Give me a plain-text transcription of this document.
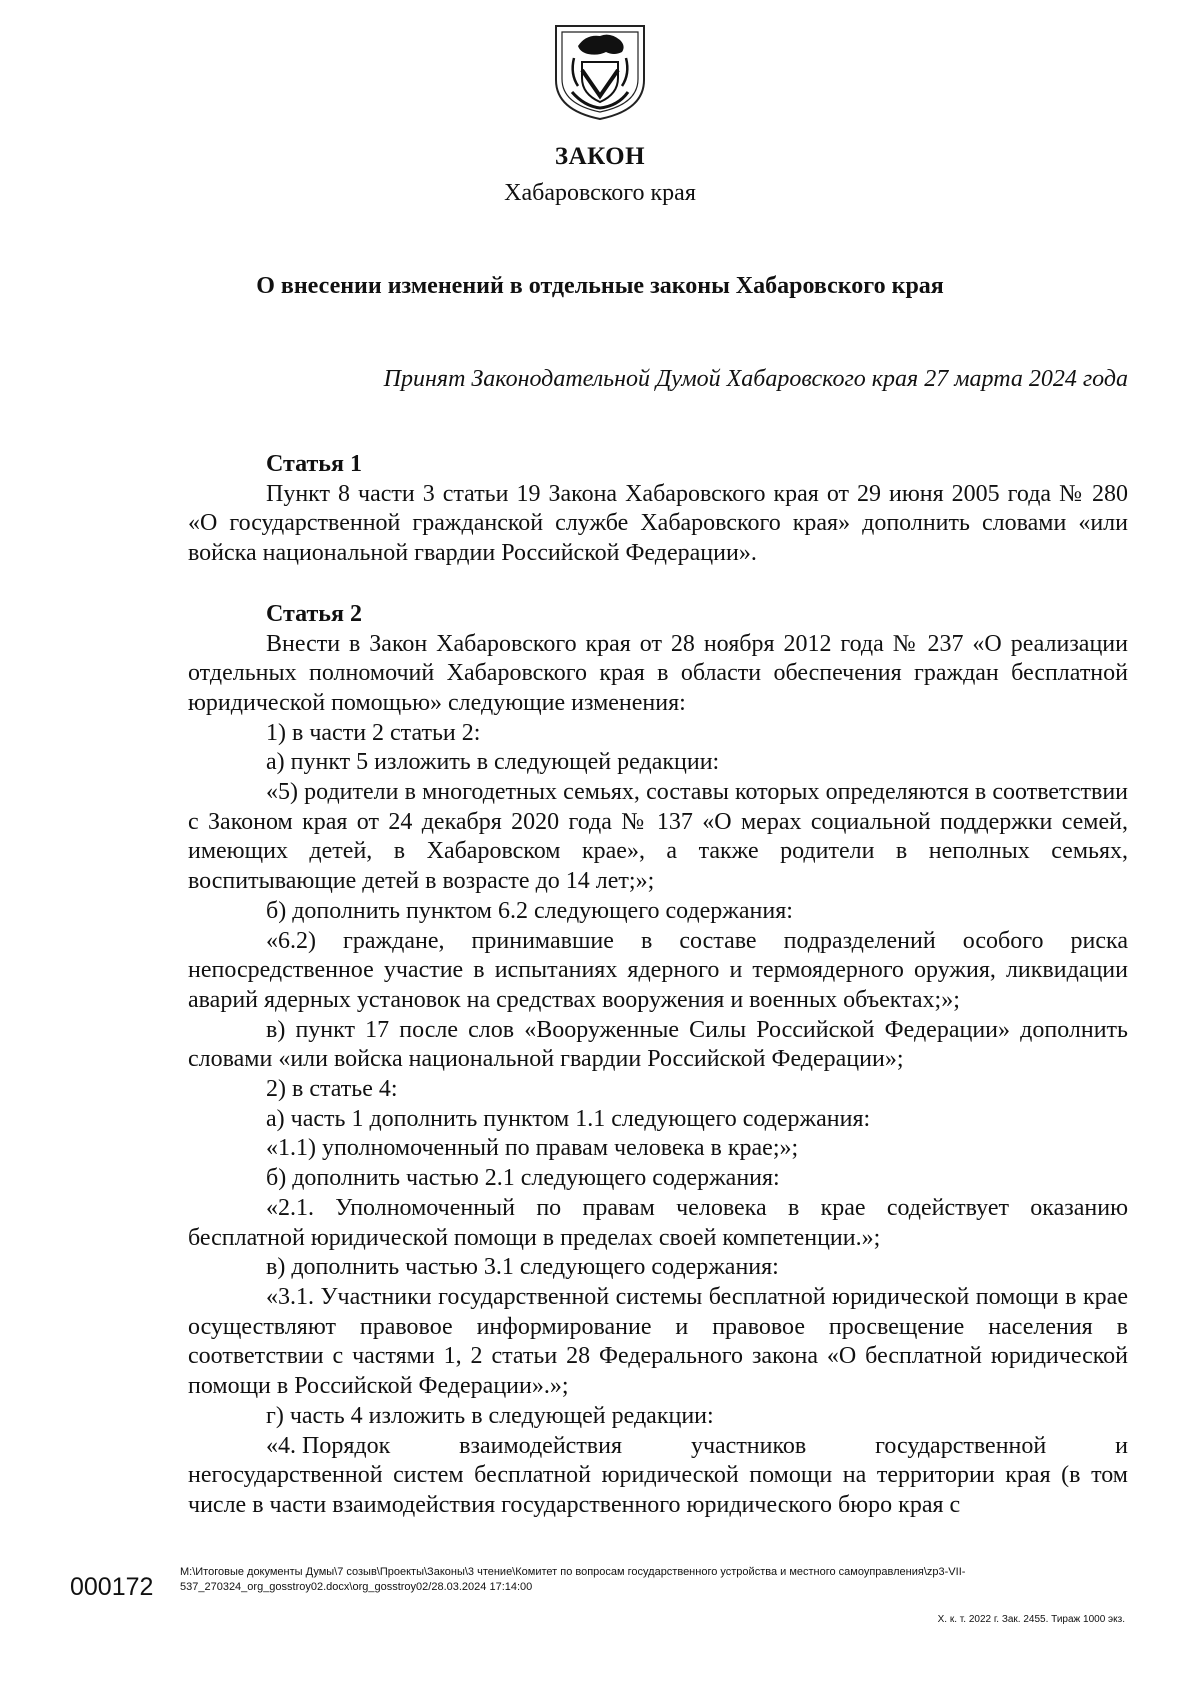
ЗАКОН
Хабаровского края
О внесении изменений в отдельные законы Хабаровского края
Принят Законодательной Думой Хабаровского края 27 марта 2024 года
Статья 1

Пункт 8 части 3 статьи 19 Закона Хабаровского края от 29 июня 2005 года № 280 «О государственной гражданской службе Хабаровского края» дополнить словами «или войска национальной гвардии Российской Федерации».

Статья 2

Внести в Закон Хабаровского края от 28 ноября 2012 года № 237 «О реализации отдельных полномочий Хабаровского края в области обеспечения граждан бесплатной юридической помощью» следующие изменения:

1) в части 2 статьи 2:

а) пункт 5 изложить в следующей редакции:

«5) родители в многодетных семьях, составы которых определяются в соответствии с Законом края от 24 декабря 2020 года № 137 «О мерах социальной поддержки семей, имеющих детей, в Хабаровском крае», а также родители в неполных семьях, воспитывающие детей в возрасте до 14 лет;»;

б) дополнить пунктом 6.2 следующего содержания:

«6.2) граждане, принимавшие в составе подразделений особого риска непосредственное участие в испытаниях ядерного и термоядерного оружия, ликвидации аварий ядерных установок на средствах вооружения и военных объектах;»;

в) пункт 17 после слов «Вооруженные Силы Российской Федерации» дополнить словами «или войска национальной гвардии Российской Федерации»;

2) в статье 4:

а) часть 1 дополнить пунктом 1.1 следующего содержания:

«1.1) уполномоченный по правам человека в крае;»;

б) дополнить частью 2.1 следующего содержания:

«2.1. Уполномоченный по правам человека в крае содействует оказанию бесплатной юридической помощи в пределах своей компетенции.»;

в) дополнить частью 3.1 следующего содержания:

«3.1. Участники государственной системы бесплатной юридической помощи в крае осуществляют правовое информирование и правовое просвещение населения в соответствии с частями 1, 2 статьи 28 Федерального закона «О бесплатной юридической помощи в Российской Федерации».»;

г) часть 4 изложить в следующей редакции:

«4. Порядок	взаимодействия	участников	государственной	и

негосударственной систем бесплатной юридической помощи на территории края (в том числе в части взаимодействия государственного юридического бюро края с

000172
M:\Итоговые документы Думы\7 созыв\Проекты\Законы\3 чтение\Комитет по вопросам государственного устройства и местного самоуправления\zp3-VII-537_270324_org_gosstroy02.docx\org_gosstroy02/28.03.2024 17:14:00
Х. к. т. 2022 г. Зак. 2455. Тираж 1000 экз.
